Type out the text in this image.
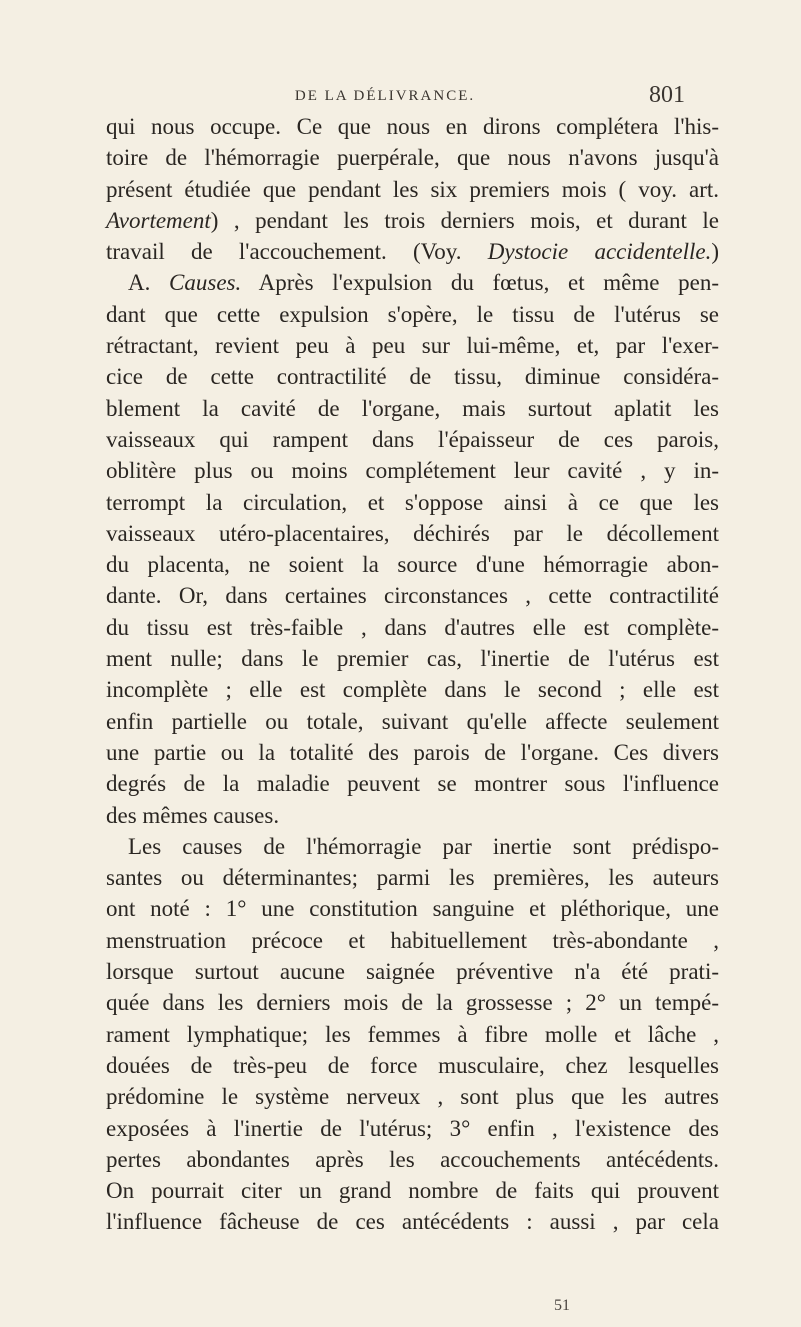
DE LA DÉLIVRANCE.	801
qui nous occupe. Ce que nous en dirons complétera l'his-
toire de l'hémorragie puerpérale, que nous n'avons jusqu'à
présent étudiée que pendant les six premiers mois ( voy. art.
Avortement) , pendant les trois derniers mois, et durant le
travail de l'accouchement. (Voy. Dystocie accidentelle.)
A. Causes. Après l'expulsion du fœtus, et même pen-
dant que cette expulsion s'opère, le tissu de l'utérus se
rétractant, revient peu à peu sur lui-même, et, par l'exer-
cice de cette contractilité de tissu, diminue considéra-
blement la cavité de l'organe, mais surtout aplatit les
vaisseaux qui rampent dans l'épaisseur de ces parois,
oblitère plus ou moins complétement leur cavité , y in-
terrompt la circulation, et s'oppose ainsi à ce que les
vaisseaux utéro-placentaires, déchirés par le décollement
du placenta, ne soient la source d'une hémorragie abon-
dante. Or, dans certaines circonstances , cette contractilité
du tissu est très-faible , dans d'autres elle est complète-
ment nulle; dans le premier cas, l'inertie de l'utérus est
incomplète ; elle est complète dans le second ; elle est
enfin partielle ou totale, suivant qu'elle affecte seulement
une partie ou la totalité des parois de l'organe. Ces divers
degrés de la maladie peuvent se montrer sous l'influence
des mêmes causes.
Les causes de l'hémorragie par inertie sont prédispo-
santes ou déterminantes; parmi les premières, les auteurs
ont noté : 1° une constitution sanguine et pléthorique, une
menstruation précoce et habituellement très-abondante ,
lorsque surtout aucune saignée préventive n'a été prati-
quée dans les derniers mois de la grossesse ; 2° un tempé-
rament lymphatique; les femmes à fibre molle et lâche ,
douées de très-peu de force musculaire, chez lesquelles
prédomine le système nerveux , sont plus que les autres
exposées à l'inertie de l'utérus; 3° enfin , l'existence des
pertes abondantes après les accouchements antécédents.
On pourrait citer un grand nombre de faits qui prouvent
l'influence fâcheuse de ces antécédents : aussi , par cela
51
